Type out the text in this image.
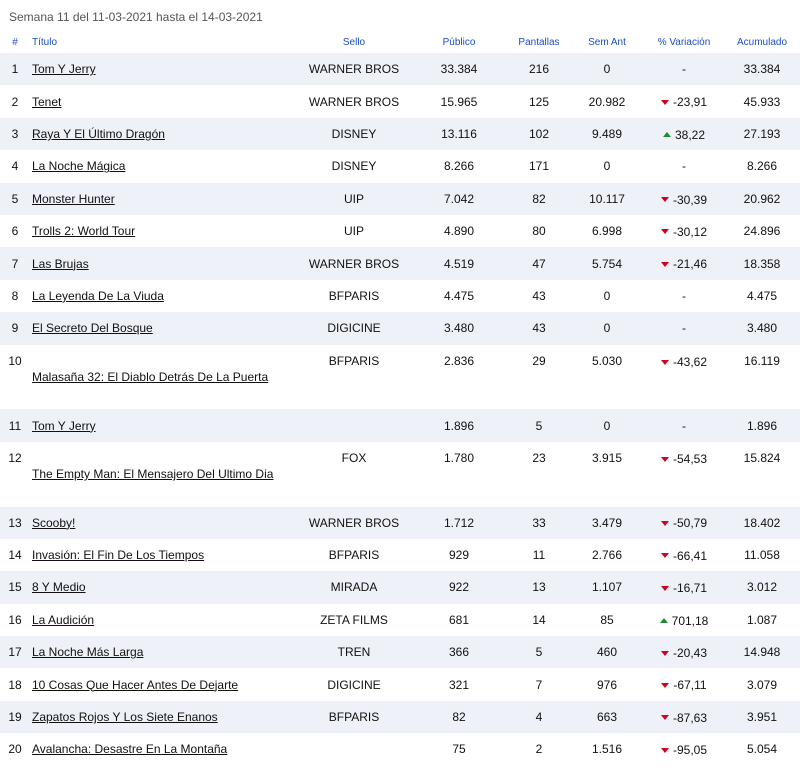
Semana 11 del 11-03-2021 hasta el 14-03-2021
#	Título	Sello	Público	Pantallas	Sem Ant	% Variación	Acumulado
1	Tom Y Jerry	WARNER BROS	33.384	216	0	-	33.384
2	Tenet	WARNER BROS	15.965	125	20.982	-23,91	45.933
3	Raya Y El Último Dragón	DISNEY	13.116	102	9.489	38,22	27.193
4	La Noche Mágica	DISNEY	8.266	171	0	-	8.266
5	Monster Hunter	UIP	7.042	82	10.117	-30,39	20.962
6	Trolls 2: World Tour	UIP	4.890	80	6.998	-30,12	24.896
7	Las Brujas	WARNER BROS	4.519	47	5.754	-21,46	18.358
8	La Leyenda De La Viuda	BFPARIS	4.475	43	0	-	4.475
9	El Secreto Del Bosque	DIGICINE	3.480	43	0	-	3.480
10	Malasaña 32: El Diablo Detrás De La Puerta	BFPARIS	2.836	29	5.030	-43,62	16.119
11	Tom Y Jerry		1.896	5	0	-	1.896
12	The Empty Man: El Mensajero Del Ultimo Dia	FOX	1.780	23	3.915	-54,53	15.824
13	Scooby!	WARNER BROS	1.712	33	3.479	-50,79	18.402
14	Invasión: El Fin De Los Tiempos	BFPARIS	929	11	2.766	-66,41	11.058
15	8 Y Medio	MIRADA	922	13	1.107	-16,71	3.012
16	La Audición	ZETA FILMS	681	14	85	701,18	1.087
17	La Noche Más Larga	TREN	366	5	460	-20,43	14.948
18	10 Cosas Que Hacer Antes De Dejarte	DIGICINE	321	7	976	-67,11	3.079
19	Zapatos Rojos Y Los Siete Enanos	BFPARIS	82	4	663	-87,63	3.951
20	Avalancha: Desastre En La Montaña		75	2	1.516	-95,05	5.054
